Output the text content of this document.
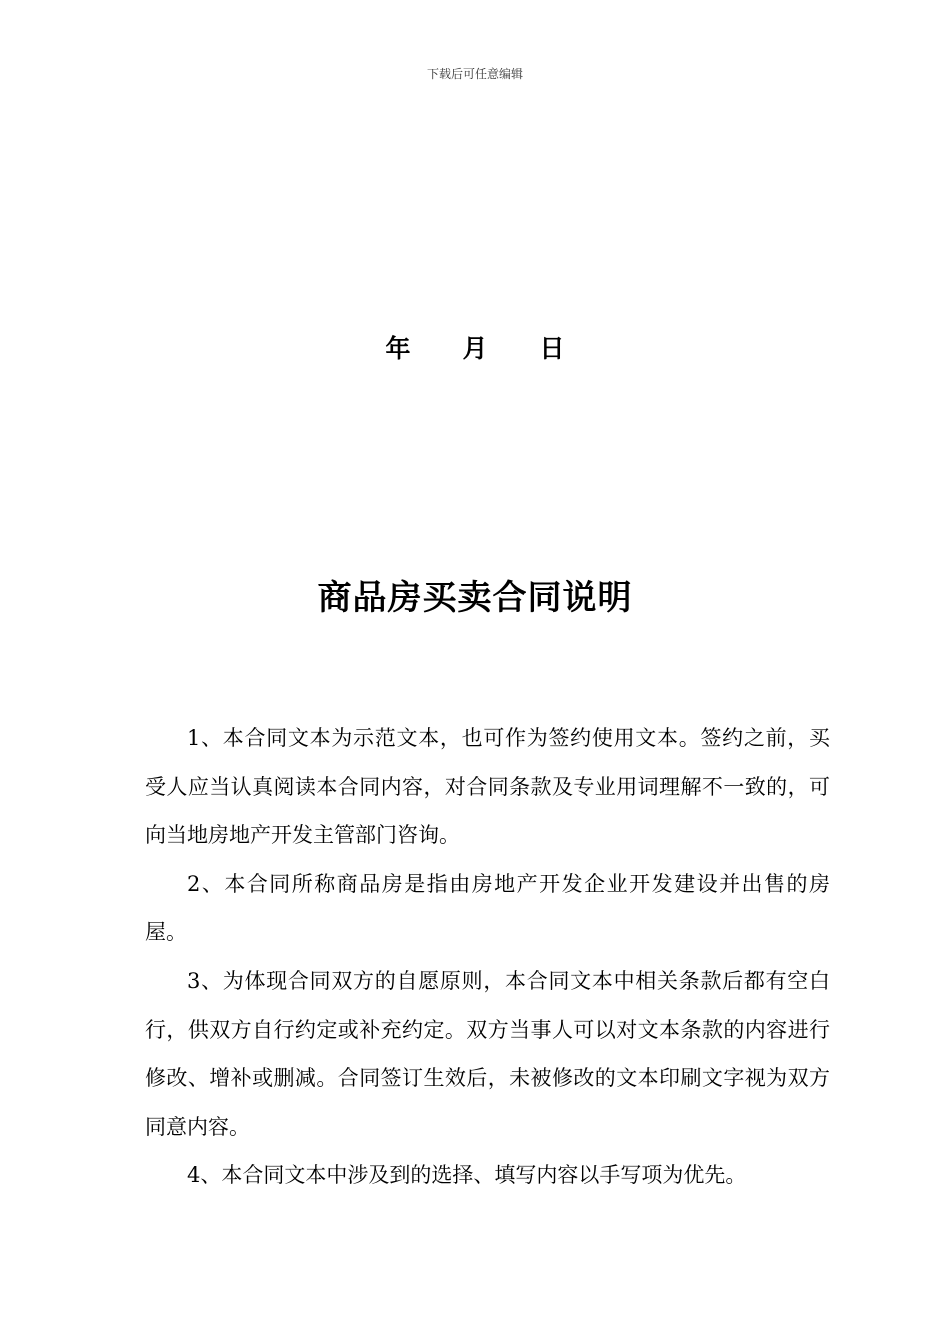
下载后可任意编辑
年 月 日
商品房买卖合同说明

1、本合同文本为示范文本，也可作为签约使用文本。签约之前，买受人应当认真阅读本合同内容，对合同条款及专业用词理解不一致的，可向当地房地产开发主管部门咨询。

2、本合同所称商品房是指由房地产开发企业开发建设并出售的房屋。

3、为体现合同双方的自愿原则，本合同文本中相关条款后都有空白行，供双方自行约定或补充约定。双方当事人可以对文本条款的内容进行修改、增补或删减。合同签订生效后，未被修改的文本印刷文字视为双方同意内容。

4、本合同文本中涉及到的选择、填写内容以手写项为优先。
